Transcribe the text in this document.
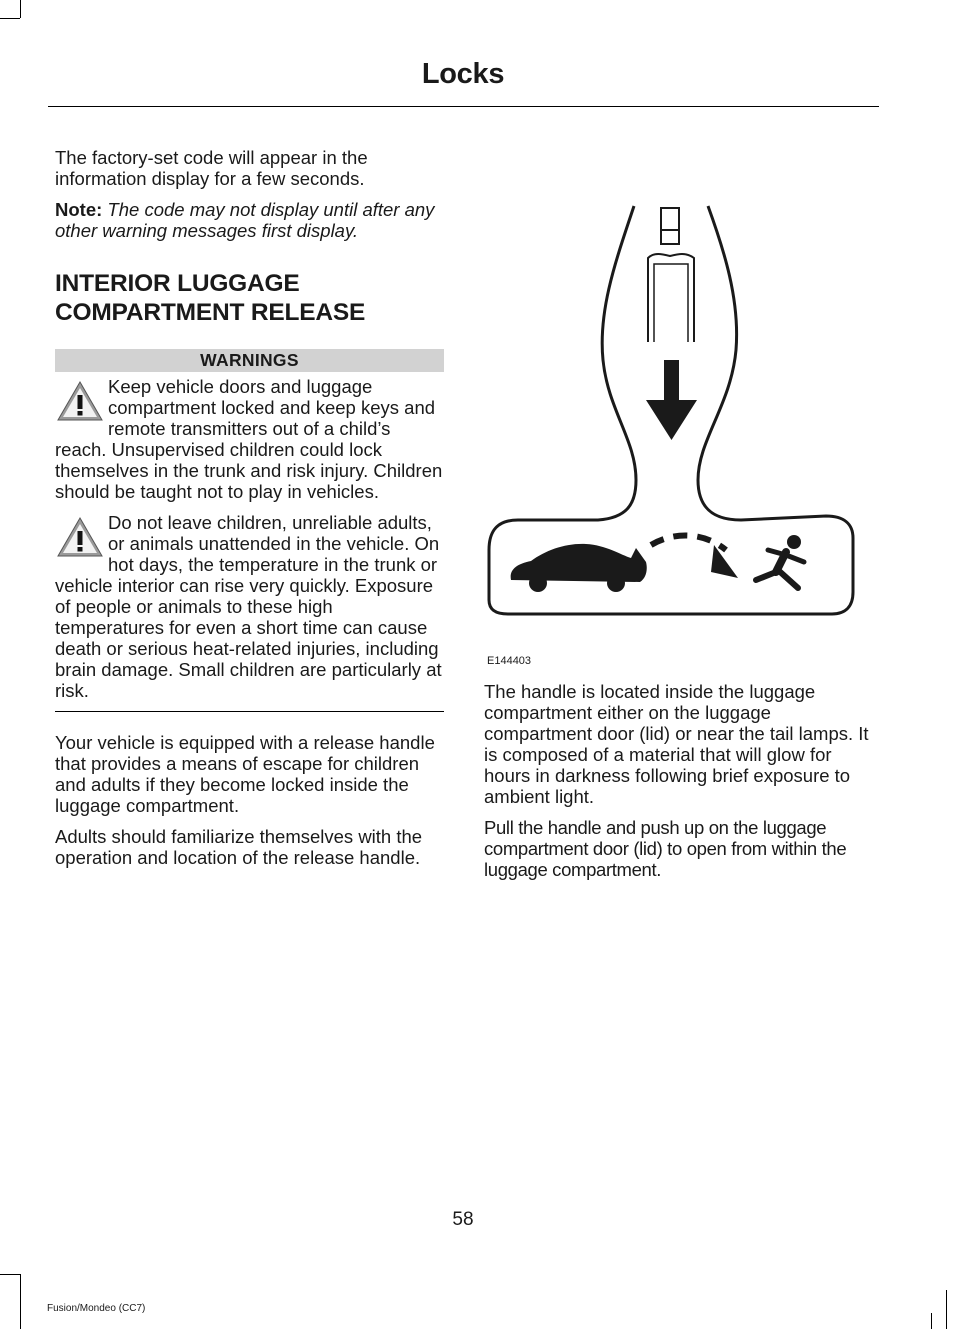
Locks

The factory-set code will appear in the information display for a few seconds.

Note: The code may not display until after any other warning messages first display.

INTERIOR LUGGAGE
COMPARTMENT RELEASE
WARNINGS
Keep vehicle doors and luggage compartment locked and keep keys and remote transmitters out of a child’s reach. Unsupervised children could lock themselves in the trunk and risk injury. Children should be taught not to play in vehicles.
Do not leave children, unreliable adults, or animals unattended in the vehicle. On hot days, the temperature in the trunk or vehicle interior can rise very quickly. Exposure of people or animals to these high temperatures for even a short time can cause death or serious heat-related injuries, including brain damage. Small children are particularly at risk.

Your vehicle is equipped with a release handle that provides a means of escape for children and adults if they become locked inside the luggage compartment.

Adults should familiarize themselves with the operation and location of the release handle.

E144403

The handle is located inside the luggage compartment either on the luggage compartment door (lid) or near the tail lamps. It is composed of a material that will glow for hours in darkness following brief exposure to ambient light.

Pull the handle and push up on the luggage compartment door (lid) to open from within the luggage compartment.

58
Fusion/Mondeo (CC7)
